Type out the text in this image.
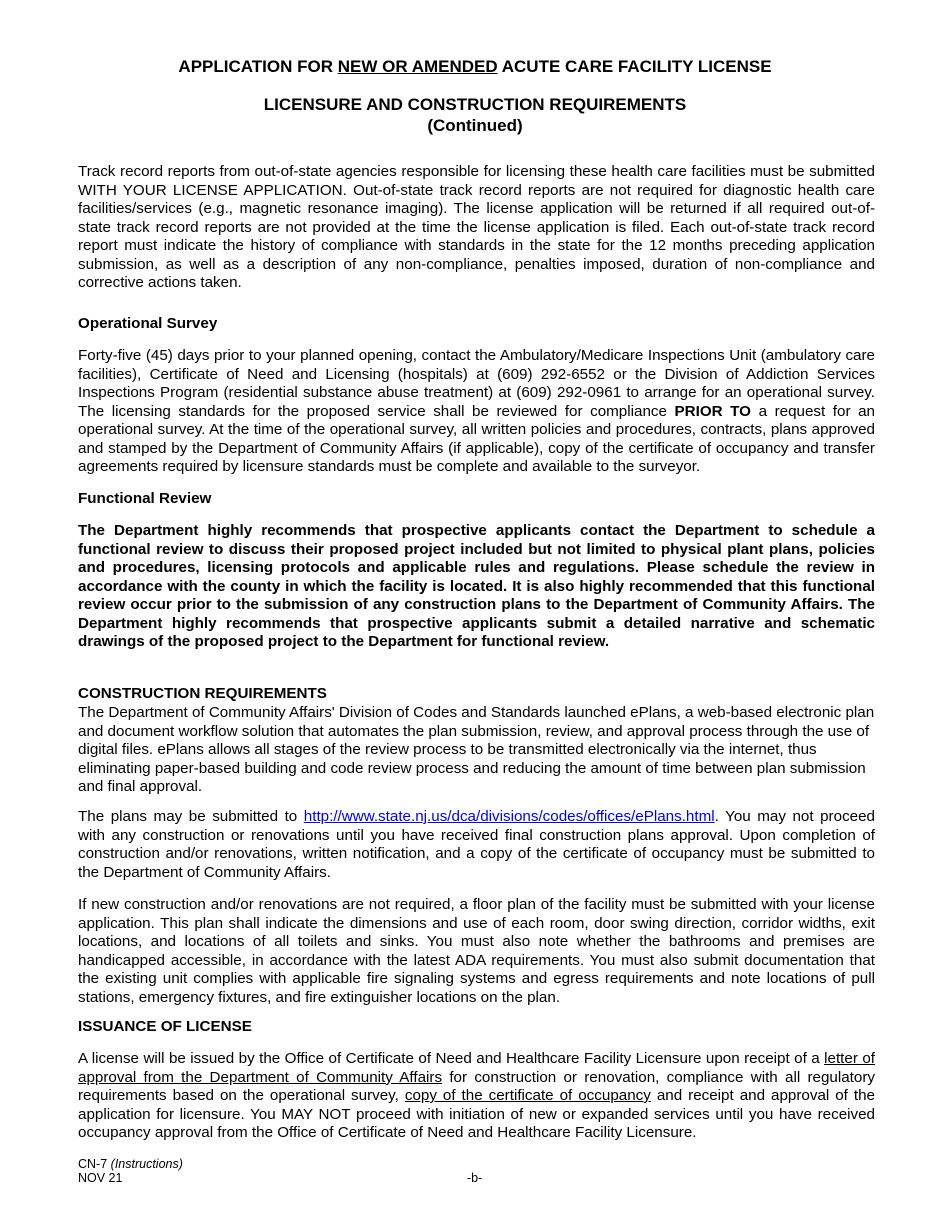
APPLICATION FOR NEW OR AMENDED ACUTE CARE FACILITY LICENSE
LICENSURE AND CONSTRUCTION REQUIREMENTS
(Continued)
Track record reports from out-of-state agencies responsible for licensing these health care facilities must be submitted WITH YOUR LICENSE APPLICATION. Out-of-state track record reports are not required for diagnostic health care facilities/services (e.g., magnetic resonance imaging). The license application will be returned if all required out-of-state track record reports are not provided at the time the license application is filed. Each out-of-state track record report must indicate the history of compliance with standards in the state for the 12 months preceding application submission, as well as a description of any non-compliance, penalties imposed, duration of non-compliance and corrective actions taken.
Operational Survey
Forty-five (45) days prior to your planned opening, contact the Ambulatory/Medicare Inspections Unit (ambulatory care facilities), Certificate of Need and Licensing (hospitals) at (609) 292-6552 or the Division of Addiction Services Inspections Program (residential substance abuse treatment) at (609) 292-0961 to arrange for an operational survey. The licensing standards for the proposed service shall be reviewed for compliance PRIOR TO a request for an operational survey. At the time of the operational survey, all written policies and procedures, contracts, plans approved and stamped by the Department of Community Affairs (if applicable), copy of the certificate of occupancy and transfer agreements required by licensure standards must be complete and available to the surveyor.
Functional Review
The Department highly recommends that prospective applicants contact the Department to schedule a functional review to discuss their proposed project included but not limited to physical plant plans, policies and procedures, licensing protocols and applicable rules and regulations. Please schedule the review in accordance with the county in which the facility is located. It is also highly recommended that this functional review occur prior to the submission of any construction plans to the Department of Community Affairs. The Department highly recommends that prospective applicants submit a detailed narrative and schematic drawings of the proposed project to the Department for functional review.
CONSTRUCTION REQUIREMENTS
The Department of Community Affairs' Division of Codes and Standards launched ePlans, a web-based electronic plan and document workflow solution that automates the plan submission, review, and approval process through the use of digital files. ePlans allows all stages of the review process to be transmitted electronically via the internet, thus eliminating paper-based building and code review process and reducing the amount of time between plan submission and final approval.
The plans may be submitted to http://www.state.nj.us/dca/divisions/codes/offices/ePlans.html. You may not proceed with any construction or renovations until you have received final construction plans approval. Upon completion of construction and/or renovations, written notification, and a copy of the certificate of occupancy must be submitted to the Department of Community Affairs.
If new construction and/or renovations are not required, a floor plan of the facility must be submitted with your license application. This plan shall indicate the dimensions and use of each room, door swing direction, corridor widths, exit locations, and locations of all toilets and sinks. You must also note whether the bathrooms and premises are handicapped accessible, in accordance with the latest ADA requirements. You must also submit documentation that the existing unit complies with applicable fire signaling systems and egress requirements and note locations of pull stations, emergency fixtures, and fire extinguisher locations on the plan.
ISSUANCE OF LICENSE
A license will be issued by the Office of Certificate of Need and Healthcare Facility Licensure upon receipt of a letter of approval from the Department of Community Affairs for construction or renovation, compliance with all regulatory requirements based on the operational survey, copy of the certificate of occupancy and receipt and approval of the application for licensure. You MAY NOT proceed with initiation of new or expanded services until you have received occupancy approval from the Office of Certificate of Need and Healthcare Facility Licensure.
CN-7 (Instructions)
NOV 21	-b-
